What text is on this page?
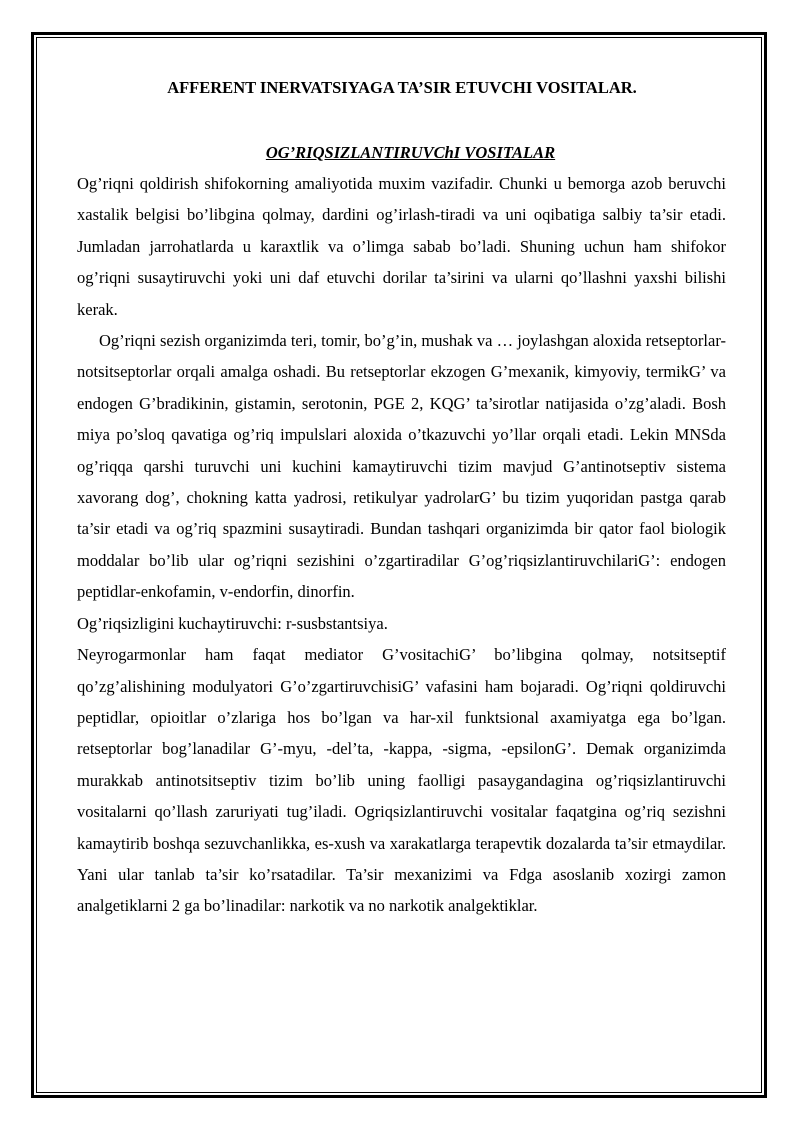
AFFERENT INERVATSIYAGA TA’SIR ETUVCHI VOSITALAR.
OG’RIQSIZLANTIRUVChI VOSITALAR

Og’riqni qoldirish shifokorning amaliyotida muxim vazifadir. Chunki u bemorga azob beruvchi xastalik belgisi bo’libgina qolmay, dardini og’irlash-tiradi va uni oqibatiga salbiy ta’sir etadi. Jumladan jarrohatlarda u karaxtlik va o’limga sabab bo’ladi. Shuning uchun ham shifokor og’riqni susaytiruvchi yoki uni daf etuvchi dorilar ta’sirini va ularni qo’llashni yaxshi bilishi kerak.

Og’riqni sezish organizimda teri, tomir, bo’g’in, mushak va … joylashgan aloxida retseptorlar-notsitseptorlar orqali amalga oshadi. Bu retseptorlar ekzogen G’mexanik, kimyoviy, termikG’ va endogen G’bradikinin, gistamin, serotonin, PGE 2, KQG’ ta’sirotlar natijasida o’zg’aladi. Bosh miya po’sloq qavatiga og’riq impulslari aloxida o’tkazuvchi yo’llar orqali etadi. Lekin MNSda og’riqqa qarshi turuvchi uni kuchini kamaytiruvchi tizim mavjud G’antinotseptiv sistema xavorang dog’, chokning katta yadrosi, retikulyar yadrolarG’ bu tizim yuqoridan pastga qarab ta’sir etadi va og’riq spazmini susaytiradi. Bundan tashqari organizimda bir qator faol biologik moddalar bo’lib ular og’riqni sezishini o’zgartiradilar G’og’riqsizlantiruvchilariG’: endogen peptidlar-enkofamin, v-endorfin, dinorfin.

Og’riqsizligini kuchaytiruvchi: r-susbstantsiya.

Neyrogarmonlar ham faqat mediator G’vositachiG’ bo’libgina qolmay, notsitseptif qo’zg’alishining modulyatori G’o’zgartiruvchisiG’ vafasini ham bojaradi. Og’riqni qoldiruvchi peptidlar, opioitlar o’zlariga hos bo’lgan va har-xil funktsional axamiyatga ega bo’lgan. retseptorlar bog’lanadilar G’-myu, -del’ta, -kappa, -sigma, -epsilonG’. Demak organizimda murakkab antinotsitseptiv tizim bo’lib uning faolligi pasaygandagina og’riqsizlantiruvchi vositalarni qo’llash zaruriyati tug’iladi. Ogriqsizlantiruvchi vositalar faqatgina og’riq sezishni kamaytirib boshqa sezuvchanlikka, es-xush va xarakatlarga terapevtik dozalarda ta’sir etmaydilar. Yani ular tanlab ta’sir ko’rsatadilar. Ta’sir mexanizimi va Fdga asoslanib xozirgi zamon analgetiklarni 2 ga bo’linadilar: narkotik va no narkotik analgektiklar.
